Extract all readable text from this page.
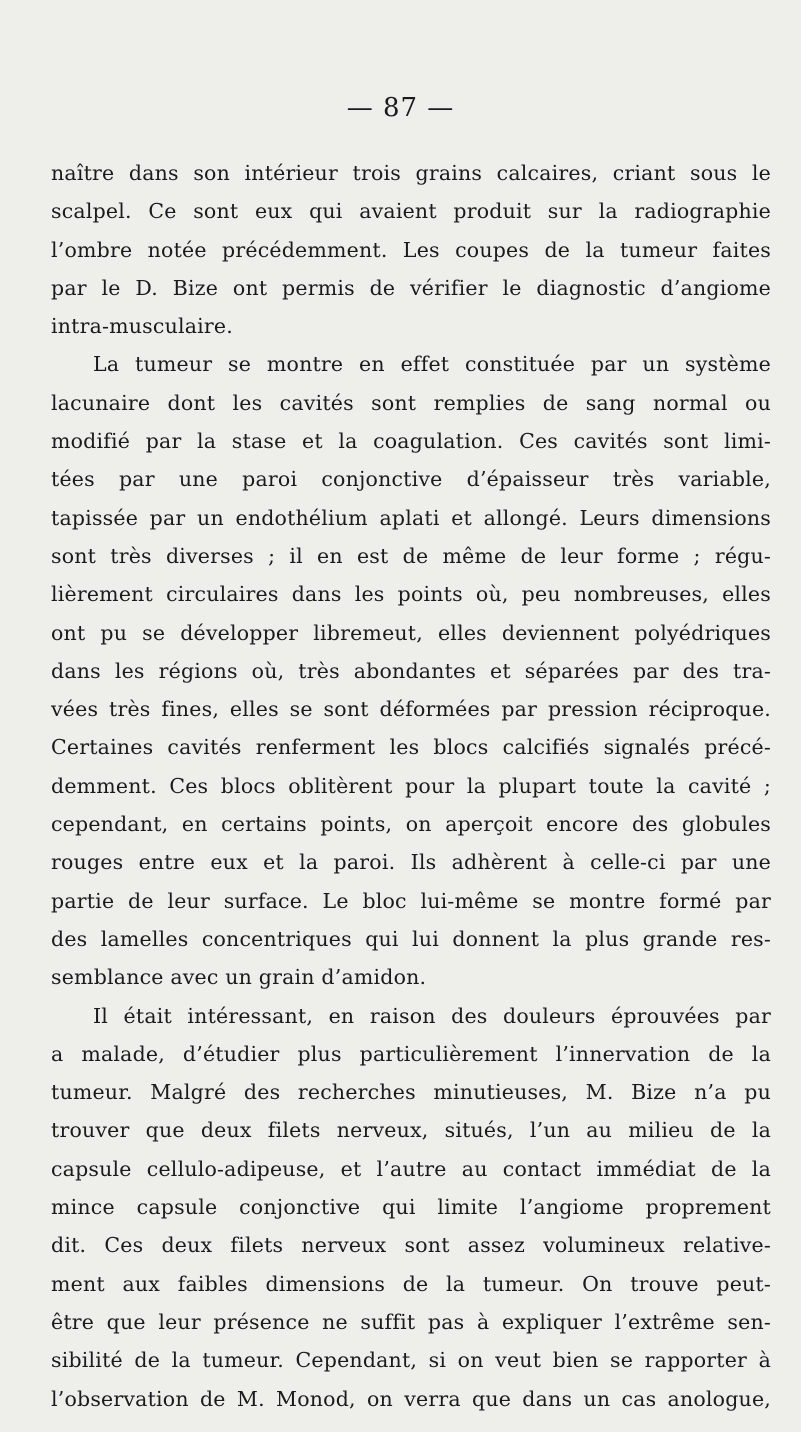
— 87 —
naître dans son intérieur trois grains calcaires, criant sous le
scalpel. Ce sont eux qui avaient produit sur la radiographie
l’ombre notée précédemment. Les coupes de la tumeur faites
par le D. Bize ont permis de vérifier le diagnostic d’angiome
intra-musculaire.
La tumeur se montre en effet constituée par un système
lacunaire dont les cavités sont remplies de sang normal ou
modifié par la stase et la coagulation. Ces cavités sont limi-
tées par une paroi conjonctive d’épaisseur très variable,
tapissée par un endothélium aplati et allongé. Leurs dimensions
sont très diverses ; il en est de même de leur forme ; régu-
lièrement circulaires dans les points où, peu nombreuses, elles
ont pu se développer libremeut, elles deviennent polyédriques
dans les régions où, très abondantes et séparées par des tra-
vées très fines, elles se sont déformées par pression réciproque.
Certaines cavités renferment les blocs calcifiés signalés précé-
demment. Ces blocs oblitèrent pour la plupart toute la cavité ;
cependant, en certains points, on aperçoit encore des globules
rouges entre eux et la paroi. Ils adhèrent à celle-ci par une
partie de leur surface. Le bloc lui-même se montre formé par
des lamelles concentriques qui lui donnent la plus grande res-
semblance avec un grain d’amidon.
Il était intéressant, en raison des douleurs éprouvées par
a malade, d’étudier plus particulièrement l’innervation de la
tumeur. Malgré des recherches minutieuses, M. Bize n’a pu
trouver que deux filets nerveux, situés, l’un au milieu de la
capsule cellulo-adipeuse, et l’autre au contact immédiat de la
mince capsule conjonctive qui limite l’angiome proprement
dit. Ces deux filets nerveux sont assez volumineux relative-
ment aux faibles dimensions de la tumeur. On trouve peut-
être que leur présence ne suffit pas à expliquer l’extrême sen-
sibilité de la tumeur. Cependant, si on veut bien se rapporter à
l’observation de M. Monod, on verra que dans un cas anologue,
